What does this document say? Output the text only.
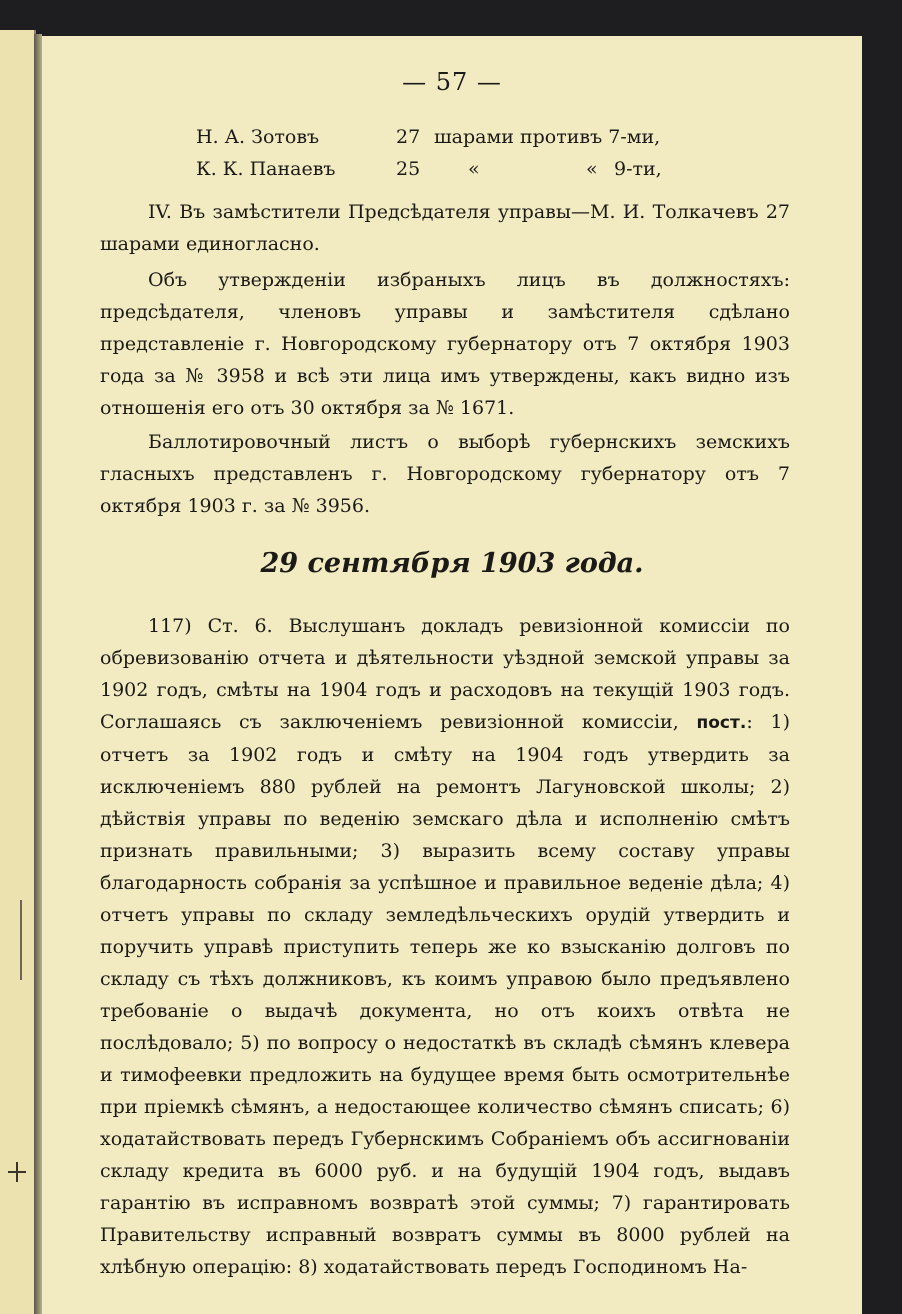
— 57 —
Н. А. Зотовъ	27 шарами противъ 7-ми,
К. К. Панаевъ	25	«	« 9-ти,
IV. Въ замѣстители Предсѣдателя управы—М. И. Толкачевъ 27 шарами единогласно.
Объ утвержденіи избраныхъ лицъ въ должностяхъ: предсѣдателя, членовъ управы и замѣстителя сдѣлано представленіе г. Новгородскому губернатору отъ 7 октября 1903 года за № 3958 и всѣ эти лица имъ утверждены, какъ видно изъ отношенія его отъ 30 октября за № 1671.
Баллотировочный листъ о выборѣ губернскихъ земскихъ гласныхъ представленъ г. Новгородскому губернатору отъ 7 октября 1903 г. за № 3956.
29 сентября 1903 года.
117) Ст. 6. Выслушанъ докладъ ревизіонной комиссіи по обревизованію отчета и дѣятельности уѣздной земской управы за 1902 годъ, смѣты на 1904 годъ и расходовъ на текущій 1903 годъ. Соглашаясь съ заключеніемъ ревизіонной комиссіи, пост.: 1) отчетъ за 1902 годъ и смѣту на 1904 годъ утвердить за исключеніемъ 880 рублей на ремонтъ Лагуновской школы; 2) дѣйствія управы по веденію земскаго дѣла и исполненію смѣтъ признать правильными; 3) выразить всему составу управы благодарность собранія за успѣшное и правильное веденіе дѣла; 4) отчетъ управы по складу земледѣльческихъ орудій утвердить и поручить управѣ приступить теперь же ко взысканію долговъ по складу съ тѣхъ должниковъ, къ коимъ управою было предъявлено требованіе о выдачѣ документа, но отъ коихъ отвѣта не послѣдовало; 5) по вопросу о недостаткѣ въ складѣ сѣмянъ клевера и тимофеевки предложить на будущее время быть осмотрительнѣе при пріемкѣ сѣмянъ, а недостающее количество сѣмянъ списать; 6) ходатайствовать передъ Губернскимъ Собраніемъ объ ассигнованіи складу кредита въ 6000 руб. и на будущій 1904 годъ, выдавъ гарантію въ исправномъ возвратѣ этой суммы; 7) гарантировать Правительству исправный возвратъ суммы въ 8000 рублей на хлѣбную операцію: 8) ходатайствовать передъ Господиномъ На-
